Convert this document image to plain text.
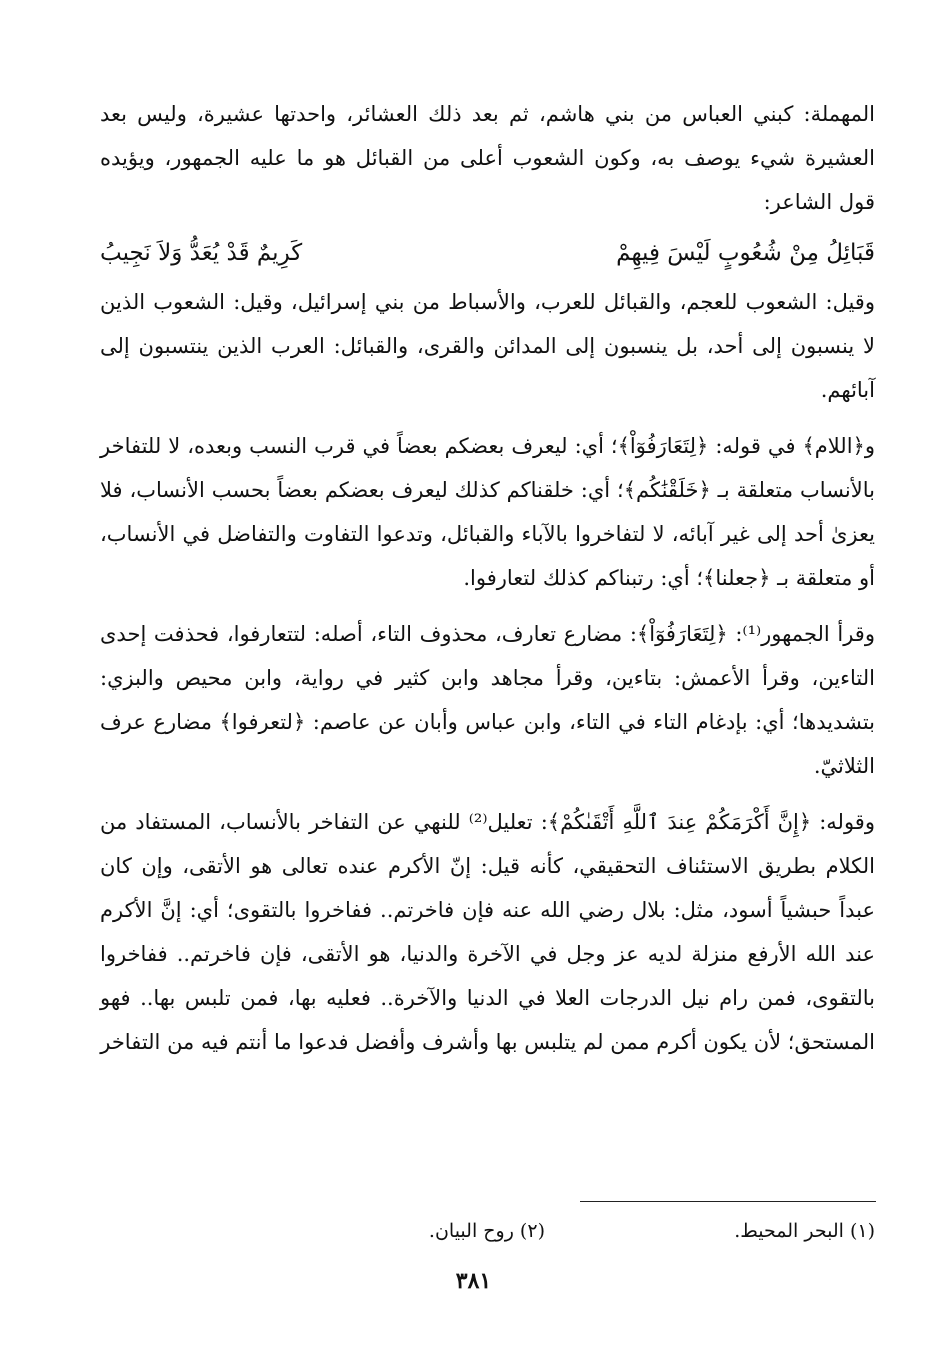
المهملة: كبني العباس من بني هاشم، ثم بعد ذلك العشائر، واحدتها عشيرة، وليس بعد العشيرة شيء يوصف به، وكون الشعوب أعلى من القبائل هو ما عليه الجمهور، ويؤيده قول الشاعر:

قَبَائِلُ مِنْ شُعُوبٍ لَيْسَ فِيهِمْ
كَرِيمٌ قَدْ يُعَدُّ وَلاَ نَجِيبُ

وقيل: الشعوب للعجم، والقبائل للعرب، والأسباط من بني إسرائيل، وقيل: الشعوب الذين لا ينسبون إلى أحد، بل ينسبون إلى المدائن والقرى، والقبائل: العرب الذين ينتسبون إلى آبائهم.

و﴿اللام﴾ في قوله: ﴿لِتَعَارَفُوٓاْ﴾؛ أي: ليعرف بعضكم بعضاً في قرب النسب وبعده، لا للتفاخر بالأنساب متعلقة بـ ﴿خَلَقْنَٰكُم﴾؛ أي: خلقناكم كذلك ليعرف بعضكم بعضاً بحسب الأنساب، فلا يعزىٰ أحد إلى غير آبائه، لا لتفاخروا بالآباء والقبائل، وتدعوا التفاوت والتفاضل في الأنساب، أو متعلقة بـ ﴿جعلنا﴾؛ أي: رتبناكم كذلك لتعارفوا.

وقرأ الجمهور⁽¹⁾: ﴿لِتَعَارَفُوٓاْ﴾: مضارع تعارف، محذوف التاء، أصله: لتتعارفوا، فحذفت إحدى التاءين، وقرأ الأعمش: بتاءين، وقرأ مجاهد وابن كثير في رواية، وابن محيص والبزي: بتشديدها؛ أي: بإدغام التاء في التاء، وابن عباس وأبان عن عاصم: ﴿لتعرفوا﴾ مضارع عرف الثلاثيّ.

وقوله: ﴿إِنَّ أَكْرَمَكُمْ عِندَ ٱللَّهِ أَتْقَىٰكُمْ﴾: تعليل⁽²⁾ للنهي عن التفاخر بالأنساب، المستفاد من الكلام بطريق الاستئناف التحقيقي، كأنه قيل: إنّ الأكرم عنده تعالى هو الأتقى، وإن كان عبداً حبشياً أسود، مثل: بلال رضي الله عنه فإن فاخرتم.. ففاخروا بالتقوى؛ أي: إنَّ الأكرم عند الله الأرفع منزلة لديه عز وجل في الآخرة والدنيا، هو الأتقى، فإن فاخرتم.. ففاخروا بالتقوى، فمن رام نيل الدرجات العلا في الدنيا والآخرة.. فعليه بها، فمن تلبس بها.. فهو المستحق؛ لأن يكون أكرم ممن لم يتلبس بها وأشرف وأفضل فدعوا ما أنتم فيه من التفاخر

(١) البحر المحيط.
(٢) روح البيان.
٣٨١
